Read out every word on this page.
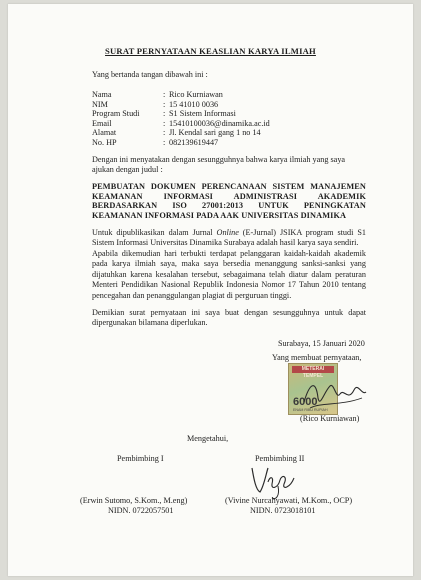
SURAT PERNYATAAN KEASLIAN KARYA ILMIAH
Yang bertanda tangan dibawah ini :
Nama	: Rico Kurniawan
NIM	: 15 41010 0036
Program Studi	: S1 Sistem Informasi
Email	: 15410100036@dinamika.ac.id
Alamat	: Jl. Kendal sari gang 1 no 14
No. HP	: 082139619447
Dengan ini menyatakan dengan sesungguhnya bahwa karya ilmiah yang saya
ajukan dengan judul :
PEMBUATAN DOKUMEN PERENCANAAN SISTEM MANAJEMEN KEAMANAN INFORMASI ADMINISTRASI AKADEMIK BERDASARKAN ISO 27001:2013 UNTUK PENINGKATAN KEAMANAN INFORMASI PADA AAK UNIVERSITAS DINAMIKA
Untuk dipublikasikan dalam Jurnal Online (E-Jurnal) JSIKA program studi S1 Sistem Informasi Universitas Dinamika Surabaya adalah hasil karya saya sendiri.
Apabila dikemudian hari terbukti terdapat pelanggaran kaidah-kaidah akademik pada karya ilmiah saya, maka saya bersedia menanggung sanksi-sanksi yang dijatuhkan karena kesalahan tersebut, sebagaimana telah diatur dalam peraturan Menteri Pendidikan Nasional Republik Indonesia Nomor 17 Tahun 2010 tentang pencegahan dan penanggulangan plagiat di perguruan tinggi.
Demikian surat pernyataan ini saya buat dengan sesungguhnya untuk dapat dipergunakan bilamana diperlukan.
Surabaya, 15 Januari 2020
Yang membuat pernyataan,
METERAI TEMPEL
6000
ENAM RIBU RUPIAH
(Rico Kurniawan)
Mengetahui,
Pembimbing I	Pembimbing II
(Erwin Sutomo, S.Kom., M.eng)
NIDN. 0722057501
(Vivine Nurcahyawati, M.Kom., OCP)
NIDN. 0723018101
